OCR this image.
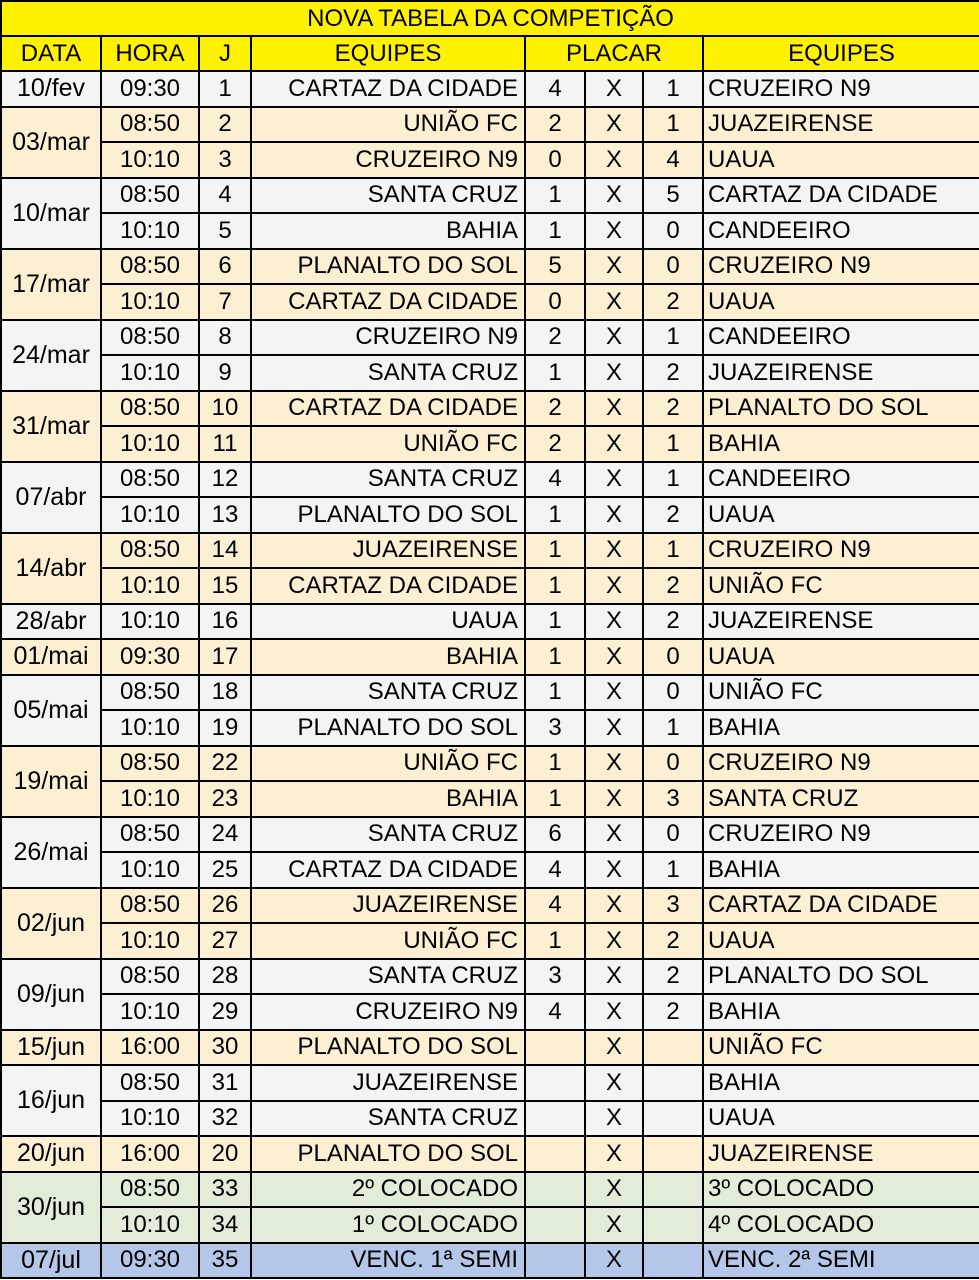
NOVA TABELA DA COMPETIÇÃO							
DATA	HORA	J	EQUIPES	PLACAR			EQUIPES
10/fev	09:30	1	CARTAZ DA CIDADE	4	X	1	CRUZEIRO N9
03/mar	08:50	2	UNIÃO FC	2	X	1	JUAZEIRENSE
	10:10	3	CRUZEIRO N9	0	X	4	UAUA
10/mar	08:50	4	SANTA CRUZ	1	X	5	CARTAZ DA CIDADE
	10:10	5	BAHIA	1	X	0	CANDEEIRO
17/mar	08:50	6	PLANALTO DO SOL	5	X	0	CRUZEIRO N9
	10:10	7	CARTAZ DA CIDADE	0	X	2	UAUA
24/mar	08:50	8	CRUZEIRO N9	2	X	1	CANDEEIRO
	10:10	9	SANTA CRUZ	1	X	2	JUAZEIRENSE
31/mar	08:50	10	CARTAZ DA CIDADE	2	X	2	PLANALTO DO SOL
	10:10	11	UNIÃO FC	2	X	1	BAHIA
07/abr	08:50	12	SANTA CRUZ	4	X	1	CANDEEIRO
	10:10	13	PLANALTO DO SOL	1	X	2	UAUA
14/abr	08:50	14	JUAZEIRENSE	1	X	1	CRUZEIRO N9
	10:10	15	CARTAZ DA CIDADE	1	X	2	UNIÃO FC
28/abr	10:10	16	UAUA	1	X	2	JUAZEIRENSE
01/mai	09:30	17	BAHIA	1	X	0	UAUA
05/mai	08:50	18	SANTA CRUZ	1	X	0	UNIÃO FC
	10:10	19	PLANALTO DO SOL	3	X	1	BAHIA
19/mai	08:50	22	UNIÃO FC	1	X	0	CRUZEIRO N9
	10:10	23	BAHIA	1	X	3	SANTA CRUZ
26/mai	08:50	24	SANTA CRUZ	6	X	0	CRUZEIRO N9
	10:10	25	CARTAZ DA CIDADE	4	X	1	BAHIA
02/jun	08:50	26	JUAZEIRENSE	4	X	3	CARTAZ DA CIDADE
	10:10	27	UNIÃO FC	1	X	2	UAUA
09/jun	08:50	28	SANTA CRUZ	3	X	2	PLANALTO DO SOL
	10:10	29	CRUZEIRO N9	4	X	2	BAHIA
15/jun	16:00	30	PLANALTO DO SOL		X		UNIÃO FC
16/jun	08:50	31	JUAZEIRENSE		X		BAHIA
	10:10	32	SANTA CRUZ		X		UAUA
20/jun	16:00	20	PLANALTO DO SOL		X		JUAZEIRENSE
30/jun	08:50	33	2º COLOCADO		X		3º COLOCADO
	10:10	34	1º COLOCADO		X		4º COLOCADO
07/jul	09:30	35	VENC. 1ª SEMI		X		VENC. 2ª SEMI
